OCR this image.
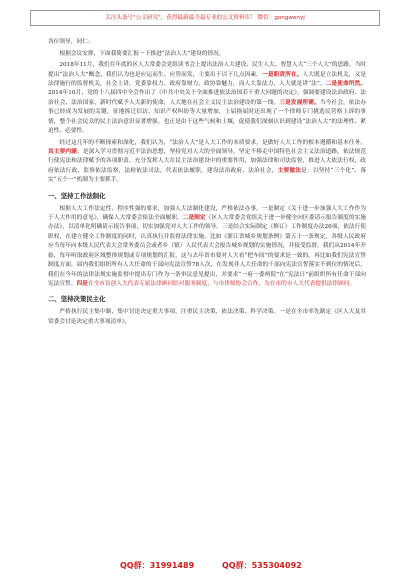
关注头条号"公文研究"，获得最新最全最专业的公文资料库！ 微信：gongwenyj

各位领导，同仁：

根据会议安排，下面我简要汇报一下推进“法治人大”建设的情况。

2018年11月，我们在年底的区人大常委会党组读书会上提出法治人大建设、民生人大、智慧人大“三个人大”的思路。当时提出“法治人大”概念，我们认为也是应运而生、应势而发，主要出于以下几点因素。一是职责所在。人大既是立法机关，又是法律施行的监督机关，社会上讲，党委靠权力、政府靠财力、政协靠魅力，而人大靠法力，人大就是讲“法”。二是使命所然。2014年10月，党的十八届四中全会作出了《中共中央关于全面推进依法治国若干重大问题的决定》，强调要建设法治政府、法治社会、法治国家，新时代赋予人大新的使命，人大地在社会主义民主法治建设的第一线。三是发展所需。当今社会，依法办事已经成为发展的关键，征地拆迁信访、知识产权纠纷等大量增加，上届换届时还出现了一个律师专门挑选民营格上诉的事情，整个社会民众的民主法治意识显著增强。也正是由于这些气候和土壤，促使我们深刻认识到建设“法治人大”的法理性、紧迫性、必要性。

经过这几年的不断探索和深化，我们认为，“法治人大”是人大工作的本质要求，是做好人大工作的根本遵循和基本任务，其主要内涵：是深入学习贯彻习近平法治思想，坚持党对人大的全面领导，坚定不移走中国特色社会主义法治道路，依法规范行使宪法和法律赋予的各项职责，充分发挥人大在民主法治建设中的重要作用，加强法律和司法监督，推进人大依法行权，政府依法行政，监察依法监察，法检依法司法，代表依法履职，建设法治政府、法治社会，主要做法是：以坚持“三个化”、落实“五个一”机制为主要抓手。

一、坚持工作法制化

根据人大工作法定性、程序性强的要求，加强人大法制化建设，严格依法办事。一是制定《关于进一步加强人大工作作为于人大作用的意见》，确保人大常委会依法全面履职，二是制定《区人大常委会党组关于进一步健全向区委请示报告制度的实施办法》，以清单化明确请示报告事项，切实加强党对人大工作的领导。三是结合实际制定《修订》工作制度办法26项，依法行使职权，在建立健全工作制度的同时，认真执行并监督法律实施。比如《浙江省城乡规划条例》第五十一条规定，各级人民政府应当每年向本级人民代表大会常务委员会或者乡（镇）人民代表大会报告城乡规划的实施情况，并接受监督。我们从2014年开始，每年听取政府区域整体规划或专项规划的汇报，这与去年省市要对人大看“把车间”的要求是一致的。再比如我们宪法宣誓制度方面，届内我们组织所有人大任命的干部向宪法宣誓78人次，在发现非人大任命的干部向宪法宣誓落实不到位的情况后，我们在今年的法律法规实施监督中提出专门作为一条审议意见提出，并要求“一府一委两院”在“宪法日”前组织所有任命干部向宪法宣誓。四是在全市首创人大代表专属法律顾问结对服务制度，与市律师协会合作，为在市的市人大代表提供法律顾问。

二、坚持决策民主化

严格执行民主集中制，集中讨论决定重大事项，注重民主决策、依法决策、科学决策。一是在全市率先制定《区人大及其常委会讨论决定重大事项清单》，

QQ群：31991489	QQ群：535304092
